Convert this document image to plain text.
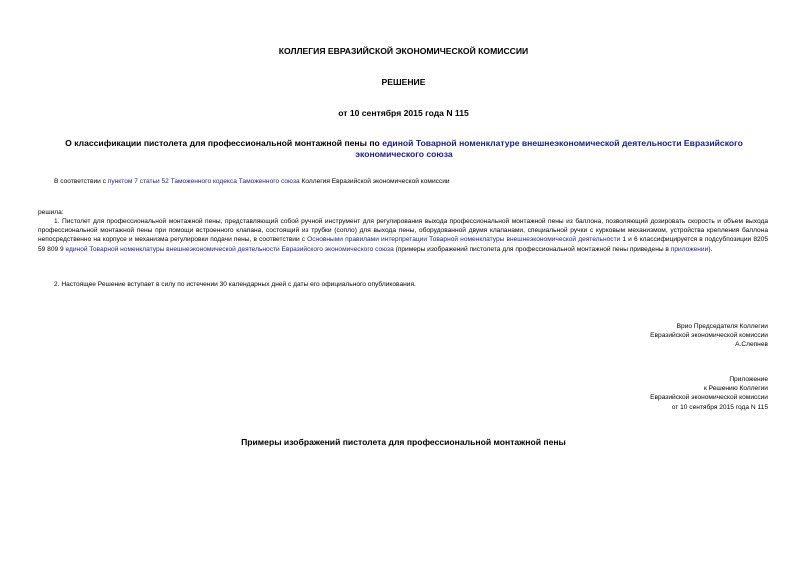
КОЛЛЕГИЯ ЕВРАЗИЙСКОЙ ЭКОНОМИЧЕСКОЙ КОМИССИИ
РЕШЕНИЕ
от 10 сентября 2015 года N 115
О классификации пистолета для профессиональной монтажной пены по единой Товарной номенклатуре внешнеэкономической деятельности Евразийского экономического союза
В соответствии с пунктом 7 статьи 52 Таможенного кодекса Таможенного союза Коллегия Евразийской экономической комиссии
решила:
1. Пистолет для профессиональной монтажной пены, представляющий собой ручной инструмент для регулирования выхода профессиональной монтажной пены из баллона, позволяющий дозировать скорость и объем выхода профессиональной монтажной пены при помощи встроенного клапана, состоящий из трубки (сопло) для выхода пены, оборудованной двумя клапанами, специальной ручки с курковым механизмом, устройства крепления баллона непосредственно на корпусе и механизма регулировки подачи пены, в соответствии с Основными правилами интерпретации Товарной номенклатуры внешнеэкономической деятельности 1 и 6 классифицируется в подсубпозиции 8205 59 809 9 единой Товарной номенклатуры внешнеэкономической деятельности Евразийского экономического союза (примеры изображений пистолета для профессиональной монтажной пены приведены в приложении).
2. Настоящее Решение вступает в силу по истечении 30 календарных дней с даты его официального опубликования.
Врио Председателя Коллегии
Евразийской экономической комиссии
А.Слепнев
Приложение
к Решению Коллегии
Евразийской экономической комиссии
от 10 сентября 2015 года N 115
Примеры изображений пистолета для профессиональной монтажной пены
